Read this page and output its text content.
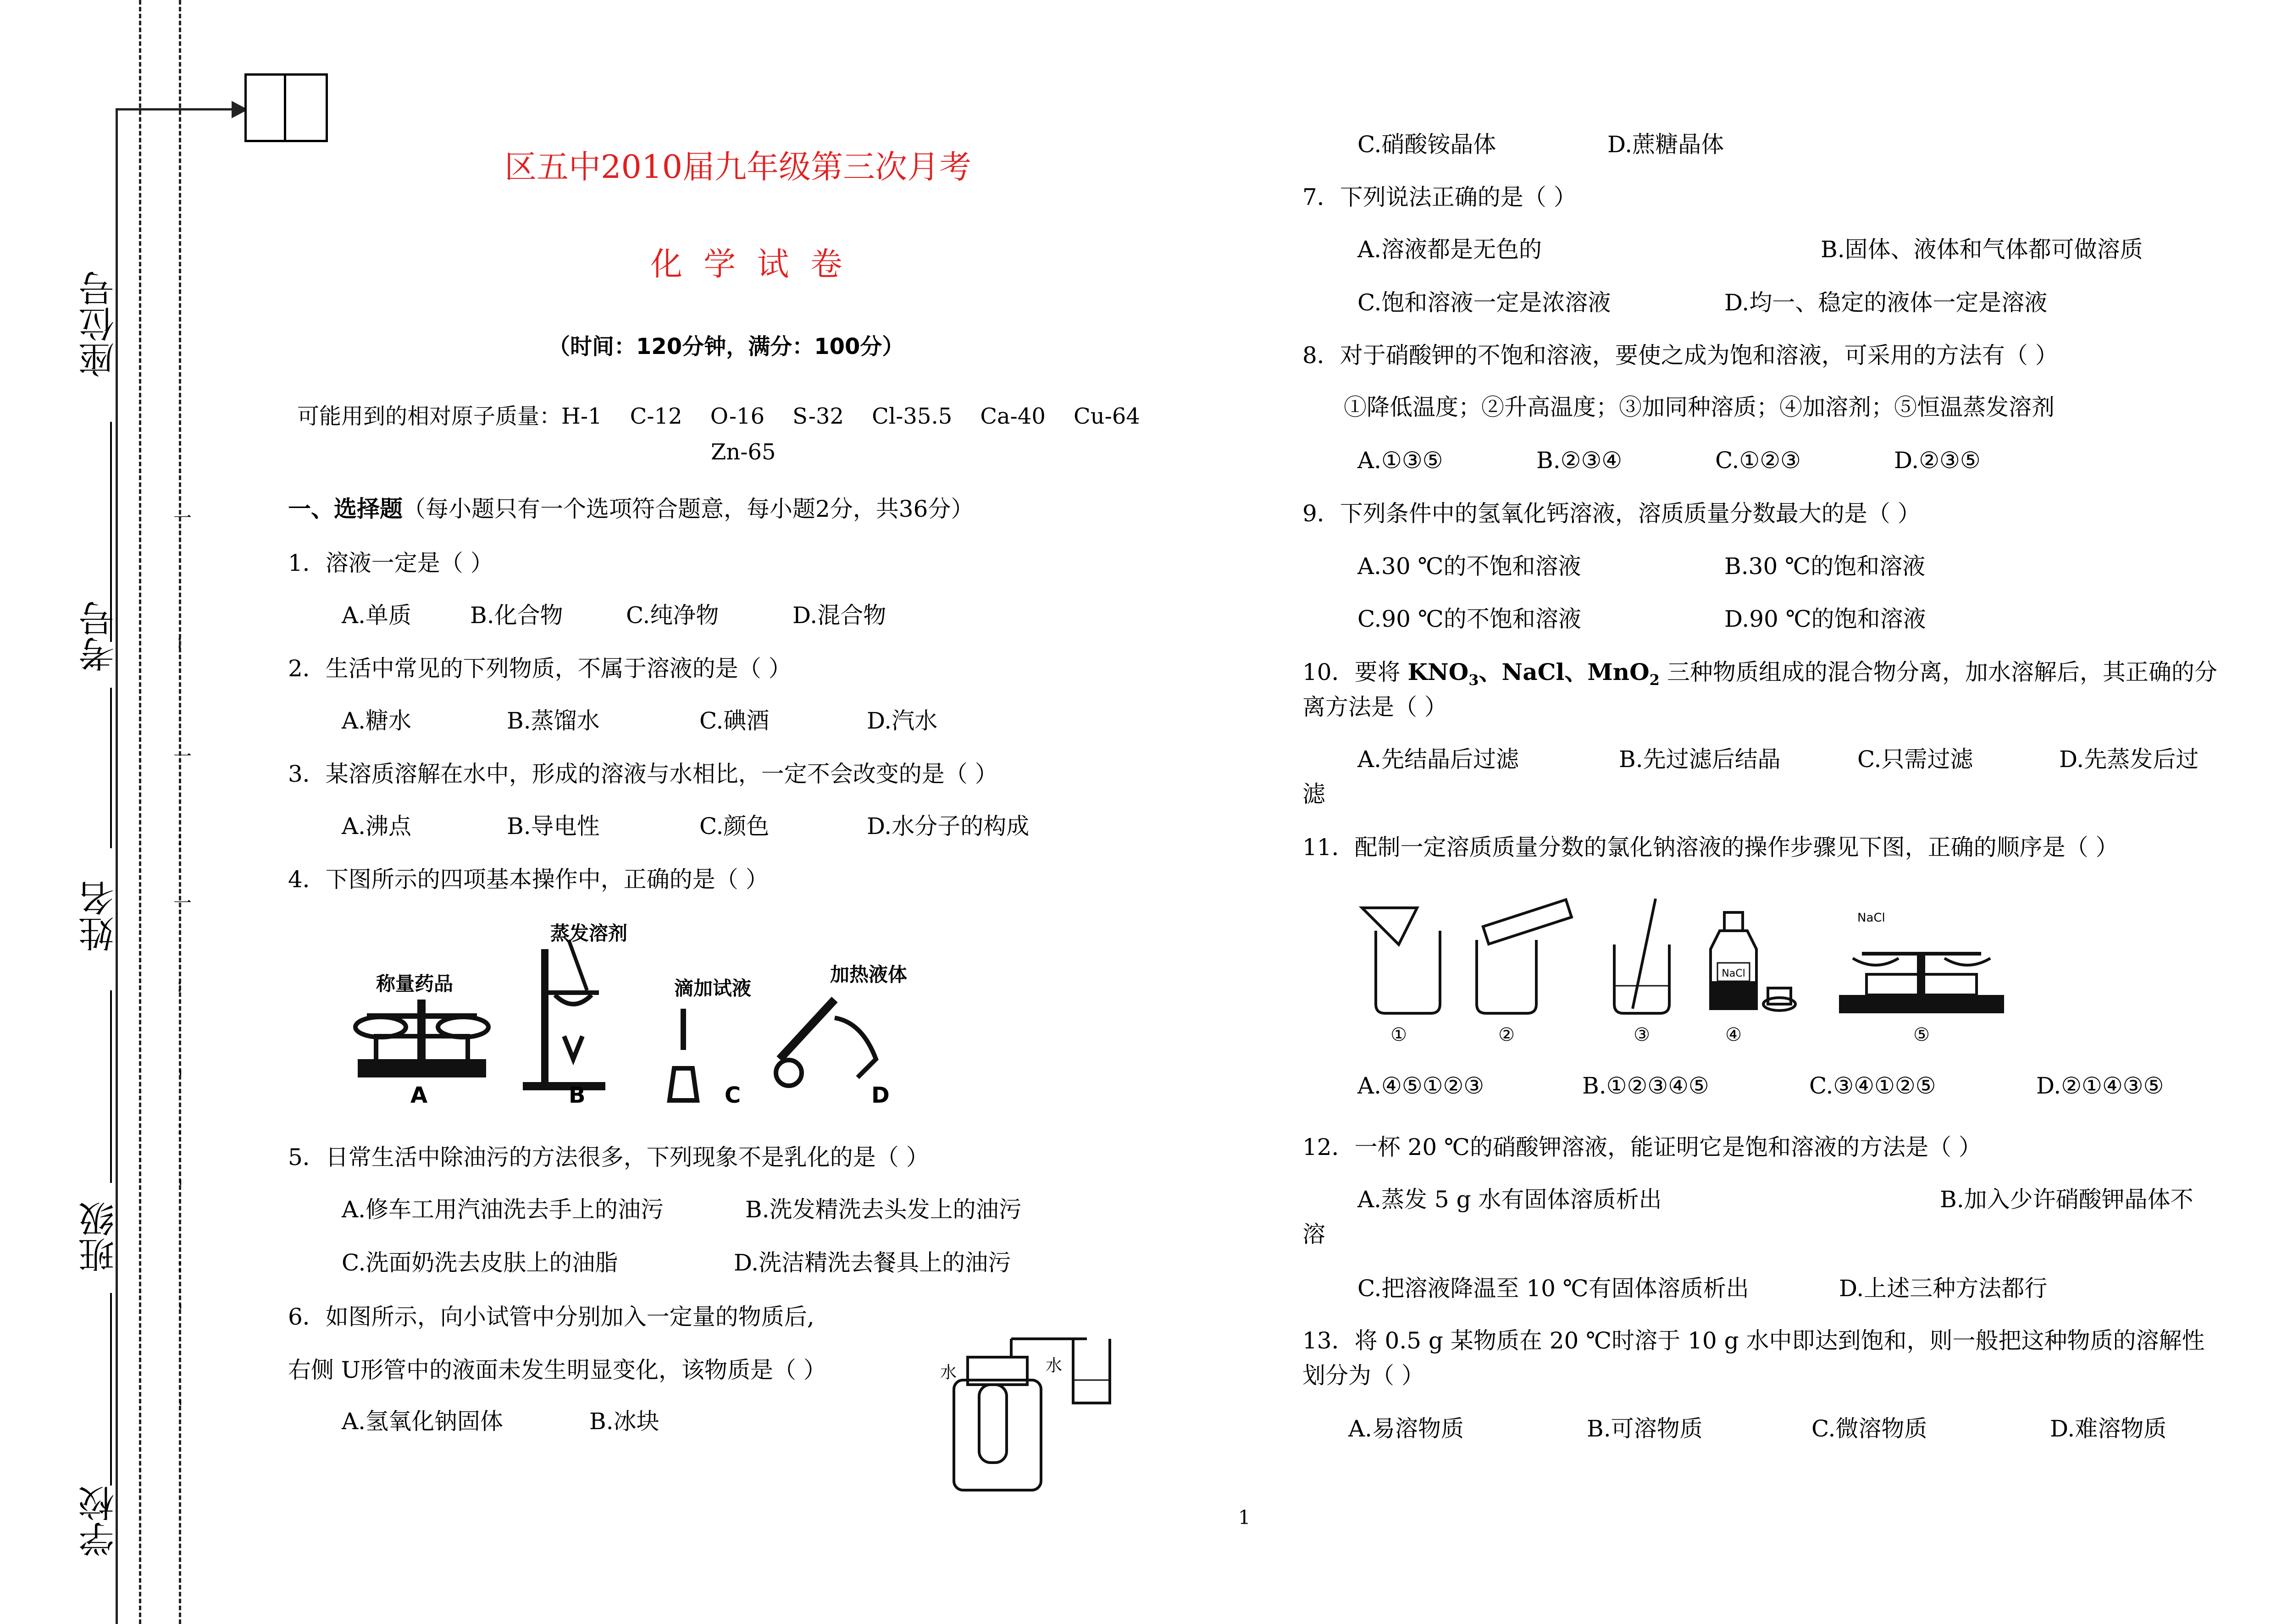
座位号
考号
姓名
班级
学校
一
:
一
:
一
:
'
:
'
:
'
'
区五中2010届九年级第三次月考
化 学 试 卷
（时间：120分钟，满分：100分）
可能用到的相对原子质量：H-1    C-12    O-16    S-32    Cl-35.5    Ca-40    Cu-64
Zn-65
一、选择题（每小题只有一个选项符合题意，每小题2分，共36分）
1．溶液一定是（ ）
A.单质	B.化合物	C.纯净物	D.混合物
2．生活中常见的下列物质，不属于溶液的是（ ）
A.糖水	B.蒸馏水	C.碘酒	D.汽水
3．某溶质溶解在水中，形成的溶液与水相比，一定不会改变的是（ ）
A.沸点	B.导电性	C.颜色	D.水分子的构成
4．下图所示的四项基本操作中，正确的是（ ）
称量药品
蒸发溶剂
滴加试液
加热液体
A	B	C	D
5．日常生活中除油污的方法很多，下列现象不是乳化的是（ ）
A.修车工用汽油洗去手上的油污	B.洗发精洗去头发上的油污
C.洗面奶洗去皮肤上的油脂	D.洗洁精洗去餐具上的油污
6．如图所示，向小试管中分别加入一定量的物质后,
右侧 U形管中的液面未发生明显变化，该物质是（ ）
A.氢氧化钠固体	B.冰块
水	水
C.硝酸铵晶体	D.蔗糖晶体
7．下列说法正确的是（ ）
A.溶液都是无色的	B.固体、液体和气体都可做溶质
C.饱和溶液一定是浓溶液	D.均一、稳定的液体一定是溶液
8．对于硝酸钾的不饱和溶液，要使之成为饱和溶液，可采用的方法有（ ）
①降低温度；②升高温度；③加同种溶质；④加溶剂；⑤恒温蒸发溶剂
A.①③⑤	B.②③④	C.①②③	D.②③⑤
9．下列条件中的氢氧化钙溶液，溶质质量分数最大的是（ ）
A.30 ℃的不饱和溶液	B.30 ℃的饱和溶液
C.90 ℃的不饱和溶液	D.90 ℃的饱和溶液
10．要将 $KNO_3$、NaCl、MnO$_2$ 三种物质组成的混合物分离，加水溶解后，其正确的分
离方法是（ ）
A.先结晶后过滤	B.先过滤后结晶	C.只需过滤	D.先蒸发后过
滤
11．配制一定溶质质量分数的氯化钠溶液的操作步骤见下图，正确的顺序是（ ）
①	②	③
NaCl
④
NaCl
⑤
A.④⑤①②③	B.①②③④⑤	C.③④①②⑤	D.②①④③⑤
12．一杯 20 ℃的硝酸钾溶液，能证明它是饱和溶液的方法是（ ）
A.蒸发 5 g 水有固体溶质析出	B.加入少许硝酸钾晶体不
溶
C.把溶液降温至 10 ℃有固体溶质析出	D.上述三种方法都行
13．将 0.5 g 某物质在 20 ℃时溶于 10 g 水中即达到饱和，则一般把这种物质的溶解性
划分为（ ）
A.易溶物质	B.可溶物质	C.微溶物质	D.难溶物质
1
